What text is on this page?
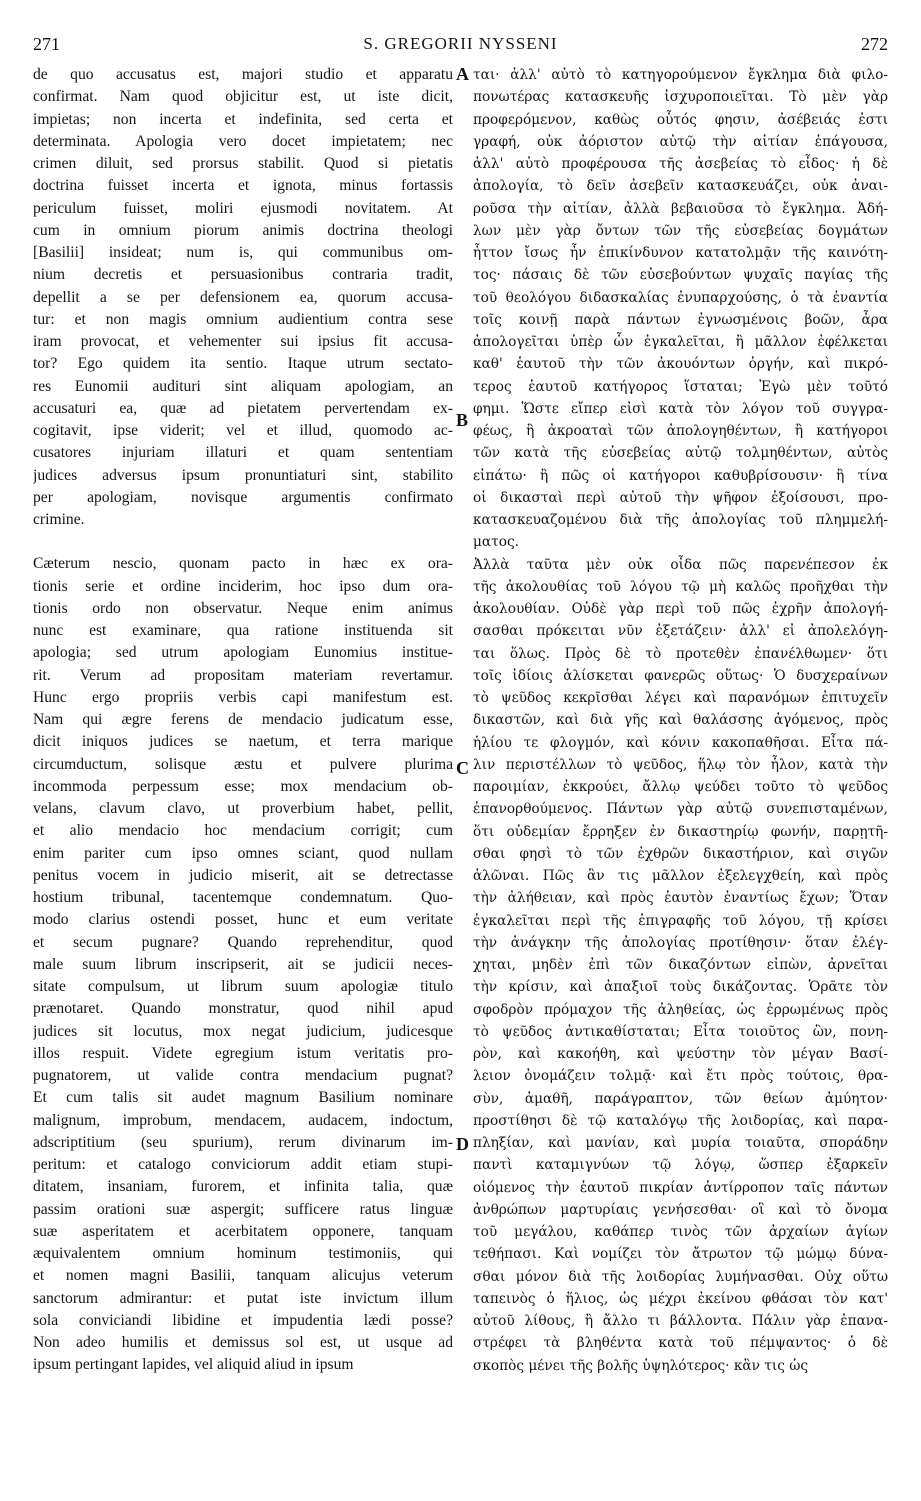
271	S. GREGORII NYSSENI	272
de quo accusatus est, majori studio et apparatu
confirmat. Nam quod objicitur est, ut iste dicit,
impietas; non incerta et indefinita, sed certa et
determinata. Apologia vero docet impietatem; nec
crimen diluit, sed prorsus stabilit. Quod si pietatis
doctrina fuisset incerta et ignota, minus fortassis
periculum fuisset, moliri ejusmodi novitatem. At
cum in omnium piorum animis doctrina theologi
[Basilii] insideat; num is, qui communibus om-
nium decretis et persuasionibus contraria tradit,
depellit a se per defensionem ea, quorum accusa-
tur: et non magis omnium audientium contra sese
iram provocat, et vehementer sui ipsius fit accusa-
tor? Ego quidem ita sentio. Itaque utrum sectato-
res Eunomii audituri sint aliquam apologiam, an
accusaturi ea, quæ ad pietatem pervertendam ex-
cogitavit, ipse viderit; vel et illud, quomodo ac-
cusatores injuriam illaturi et quam sententiam
judices adversus ipsum pronuntiaturi sint, stabilito
per apologiam, novisque argumentis confirmato
crimine.
Cæterum nescio, quonam pacto in hæc ex ora-
tionis serie et ordine inciderim, hoc ipso dum ora-
tionis ordo non observatur. Neque enim animus
nunc est examinare, qua ratione instituenda sit
apologia; sed utrum apologiam Eunomius institue-
rit. Verum ad propositam materiam revertamur.
Hunc ergo propriis verbis capi manifestum est.
Nam qui ægre ferens de mendacio judicatum esse,
dicit iniquos judices se naetum, et terra marique
circumductum, solisque æstu et pulvere plurima
incommoda perpessum esse; mox mendacium ob-
velans, clavum clavo, ut proverbium habet, pellit,
et alio mendacio hoc mendacium corrigit; cum
enim pariter cum ipso omnes sciant, quod nullam
penitus vocem in judicio miserit, ait se detrectasse
hostium tribunal, tacentemque condemnatum. Quo-
modo clarius ostendi posset, hunc et eum veritate
et secum pugnare? Quando reprehenditur, quod
male suum librum inscripserit, ait se judicii neces-
sitate compulsum, ut librum suum apologiæ titulo
prænotaret. Quando monstratur, quod nihil apud
judices sit locutus, mox negat judicium, judicesque
illos respuit. Videte egregium istum veritatis pro-
pugnatorem, ut valide contra mendacium pugnat?
Et cum talis sit audet magnum Basilium nominare
malignum, improbum, mendacem, audacem, indoctum,
adscriptitium (seu spurium), rerum divinarum im-
peritum: et catalogo conviciorum addit etiam stupi-
ditatem, insaniam, furorem, et infinita talia, quæ
passim orationi suæ aspergit; sufficere ratus linguæ
suæ asperitatem et acerbitatem opponere, tanquam
æquivalentem omnium hominum testimoniis, qui
et nomen magni Basilii, tanquam alicujus veterum
sanctorum admirantur: et putat iste invictum illum
sola conviciandi libidine et impudentia lædi posse?
Non adeo humilis et demissus sol est, ut usque ad
ipsum pertingant lapides, vel aliquid aliud in ipsum
ται· ἀλλ' αὐτὸ τὸ κατηγορούμενον ἔγκλημα διὰ φιλο-
πονωτέρας κατασκευῆς ἰσχυροποιεῖται. Τὸ μὲν γὰρ
προφερόμενον, καθὼς οὗτός φησιν, ἀσέβειάς ἐστι
γραφή, οὐκ ἀόριστον αὐτῷ τὴν αἰτίαν ἐπάγουσα,
ἀλλ' αὐτὸ προφέρουσα τῆς ἀσεβείας τὸ εἶδος· ἡ δὲ
ἀπολογία, τὸ δεῖν ἀσεβεῖν κατασκευάζει, οὐκ ἀναι-
ροῦσα τὴν αἰτίαν, ἀλλὰ βεβαιοῦσα τὸ ἔγκλημα. Ἀδή-
λων μὲν γὰρ ὄντων τῶν τῆς εὐσεβείας δογμάτων
ἧττον ἴσως ἦν ἐπικίνδυνον κατατολμᾷν τῆς καινότη-
τος· πάσαις δὲ τῶν εὐσεβούντων ψυχαῖς παγίας τῆς
τοῦ θεολόγου διδασκαλίας ἐνυπαρχούσης, ὁ τὰ ἐναντία
τοῖς κοινῇ παρὰ πάντων ἐγνωσμένοις βοῶν, ἆρα
ἀπολογεῖται ὑπὲρ ὧν ἐγκαλεῖται, ἢ μᾶλλον ἐφέλκεται
καθ' ἑαυτοῦ τὴν τῶν ἀκουόντων ὀργήν, καὶ πικρό-
τερος ἑαυτοῦ κατήγορος ἵσταται; Ἐγὼ μὲν τοῦτό
φημι. Ὥστε εἴπερ εἰσὶ κατὰ τὸν λόγον τοῦ συγγρα-
φέως, ἢ ἀκροαταὶ τῶν ἀπολογηθέντων, ἢ κατήγοροι
τῶν κατὰ τῆς εὐσεβείας αὐτῷ τολμηθέντων, αὐτὸς
εἰπάτω· ἢ πῶς οἱ κατήγοροι καθυβρίσουσιν· ἢ τίνα
οἱ δικασταὶ περὶ αὐτοῦ τὴν ψῆφον ἐξοίσουσι, προ-
κατασκευαζομένου διὰ τῆς ἀπολογίας τοῦ πλημμελή-
ματος.
Ἀλλὰ ταῦτα μὲν οὐκ οἶδα πῶς παρενέπεσον ἐκ
τῆς ἀκολουθίας τοῦ λόγου τῷ μὴ καλῶς προῆχθαι τὴν
ἀκολουθίαν. Οὐδὲ γὰρ περὶ τοῦ πῶς ἐχρῆν ἀπολογή-
σασθαι πρόκειται νῦν ἐξετάζειν· ἀλλ' εἰ ἀπολελόγη-
ται ὅλως. Πρὸς δὲ τὸ προτεθὲν ἐπανέλθωμεν· ὅτι
τοῖς ἰδίοις ἁλίσκεται φανερῶς οὕτως· Ὁ δυσχεραίνων
τὸ ψεῦδος κεκρῖσθαι λέγει καὶ παρανόμων ἐπιτυχεῖν
δικαστῶν, καὶ διὰ γῆς καὶ θαλάσσης ἀγόμενος, πρὸς
ἡλίου τε φλογμόν, καὶ κόνιν κακοπαθῆσαι. Εἶτα πά-
λιν περιστέλλων τὸ ψεῦδος, ἥλῳ τὸν ἧλον, κατὰ τὴν
παροιμίαν, ἐκκρούει, ἄλλῳ ψεύδει τοῦτο τὸ ψεῦδος
ἐπανορθούμενος. Πάντων γὰρ αὐτῷ συνεπισταμένων,
ὅτι οὐδεμίαν ἔρρηξεν ἐν δικαστηρίῳ φωνήν, παρῃτῆ-
σθαι φησὶ τὸ τῶν ἐχθρῶν δικαστήριον, καὶ σιγῶν
ἁλῶναι. Πῶς ἂν τις μᾶλλον ἐξελεγχθείη, καὶ πρὸς
τὴν ἀλήθειαν, καὶ πρὸς ἑαυτὸν ἐναντίως ἔχων; Ὅταν
ἐγκαλεῖται περὶ τῆς ἐπιγραφῆς τοῦ λόγου, τῇ κρίσει
τὴν ἀνάγκην τῆς ἀπολογίας προτίθησιν· ὅταν ἐλέγ-
χηται, μηδὲν ἐπὶ τῶν δικαζόντων εἰπὼν, ἀρνεῖται
τὴν κρίσιν, καὶ ἀπαξιοῖ τοὺς δικάζοντας. Ὁρᾶτε τὸν
σφοδρὸν πρόμαχον τῆς ἀληθείας, ὡς ἐρρωμένως πρὸς
τὸ ψεῦδος ἀντικαθίσταται; Εἶτα τοιοῦτος ὢν, πονη-
ρὸν, καὶ κακοήθη, καὶ ψεύστην τὸν μέγαν Βασί-
λειον ὀνομάζειν τολμᾷ· καὶ ἔτι πρὸς τούτοις, θρα-
σὺν, ἀμαθῆ, παράγραπτον, τῶν θείων ἀμύητον·
προστίθησι δὲ τῷ καταλόγῳ τῆς λοιδορίας, καὶ παρα-
πληξίαν, καὶ μανίαν, καὶ μυρία τοιαῦτα, σποράδην
παντὶ καταμιγνύων τῷ λόγῳ, ὥσπερ ἐξαρκεῖν
οἰόμενος τὴν ἑαυτοῦ πικρίαν ἀντίρροπον ταῖς πάντων
ἀνθρώπων μαρτυρίαις γενήσεσθαι· οἳ καὶ τὸ ὄνομα
τοῦ μεγάλου, καθάπερ τινὸς τῶν ἀρχαίων ἁγίων
τεθήπασι. Καὶ νομίζει τὸν ἄτρωτον τῷ μώμῳ δύνα-
σθαι μόνον διὰ τῆς λοιδορίας λυμήνασθαι. Οὐχ οὕτω
ταπεινὸς ὁ ἥλιος, ὡς μέχρι ἐκείνου φθάσαι τὸν κατ'
αὐτοῦ λίθους, ἢ ἄλλο τι βάλλοντα. Πάλιν γὰρ ἐπανα-
στρέφει τὰ βληθέντα κατὰ τοῦ πέμψαντος· ὁ δὲ
σκοπὸς μένει τῆς βολῆς ὑψηλότερος· κἂν τις ὡς
A
B
C
D
